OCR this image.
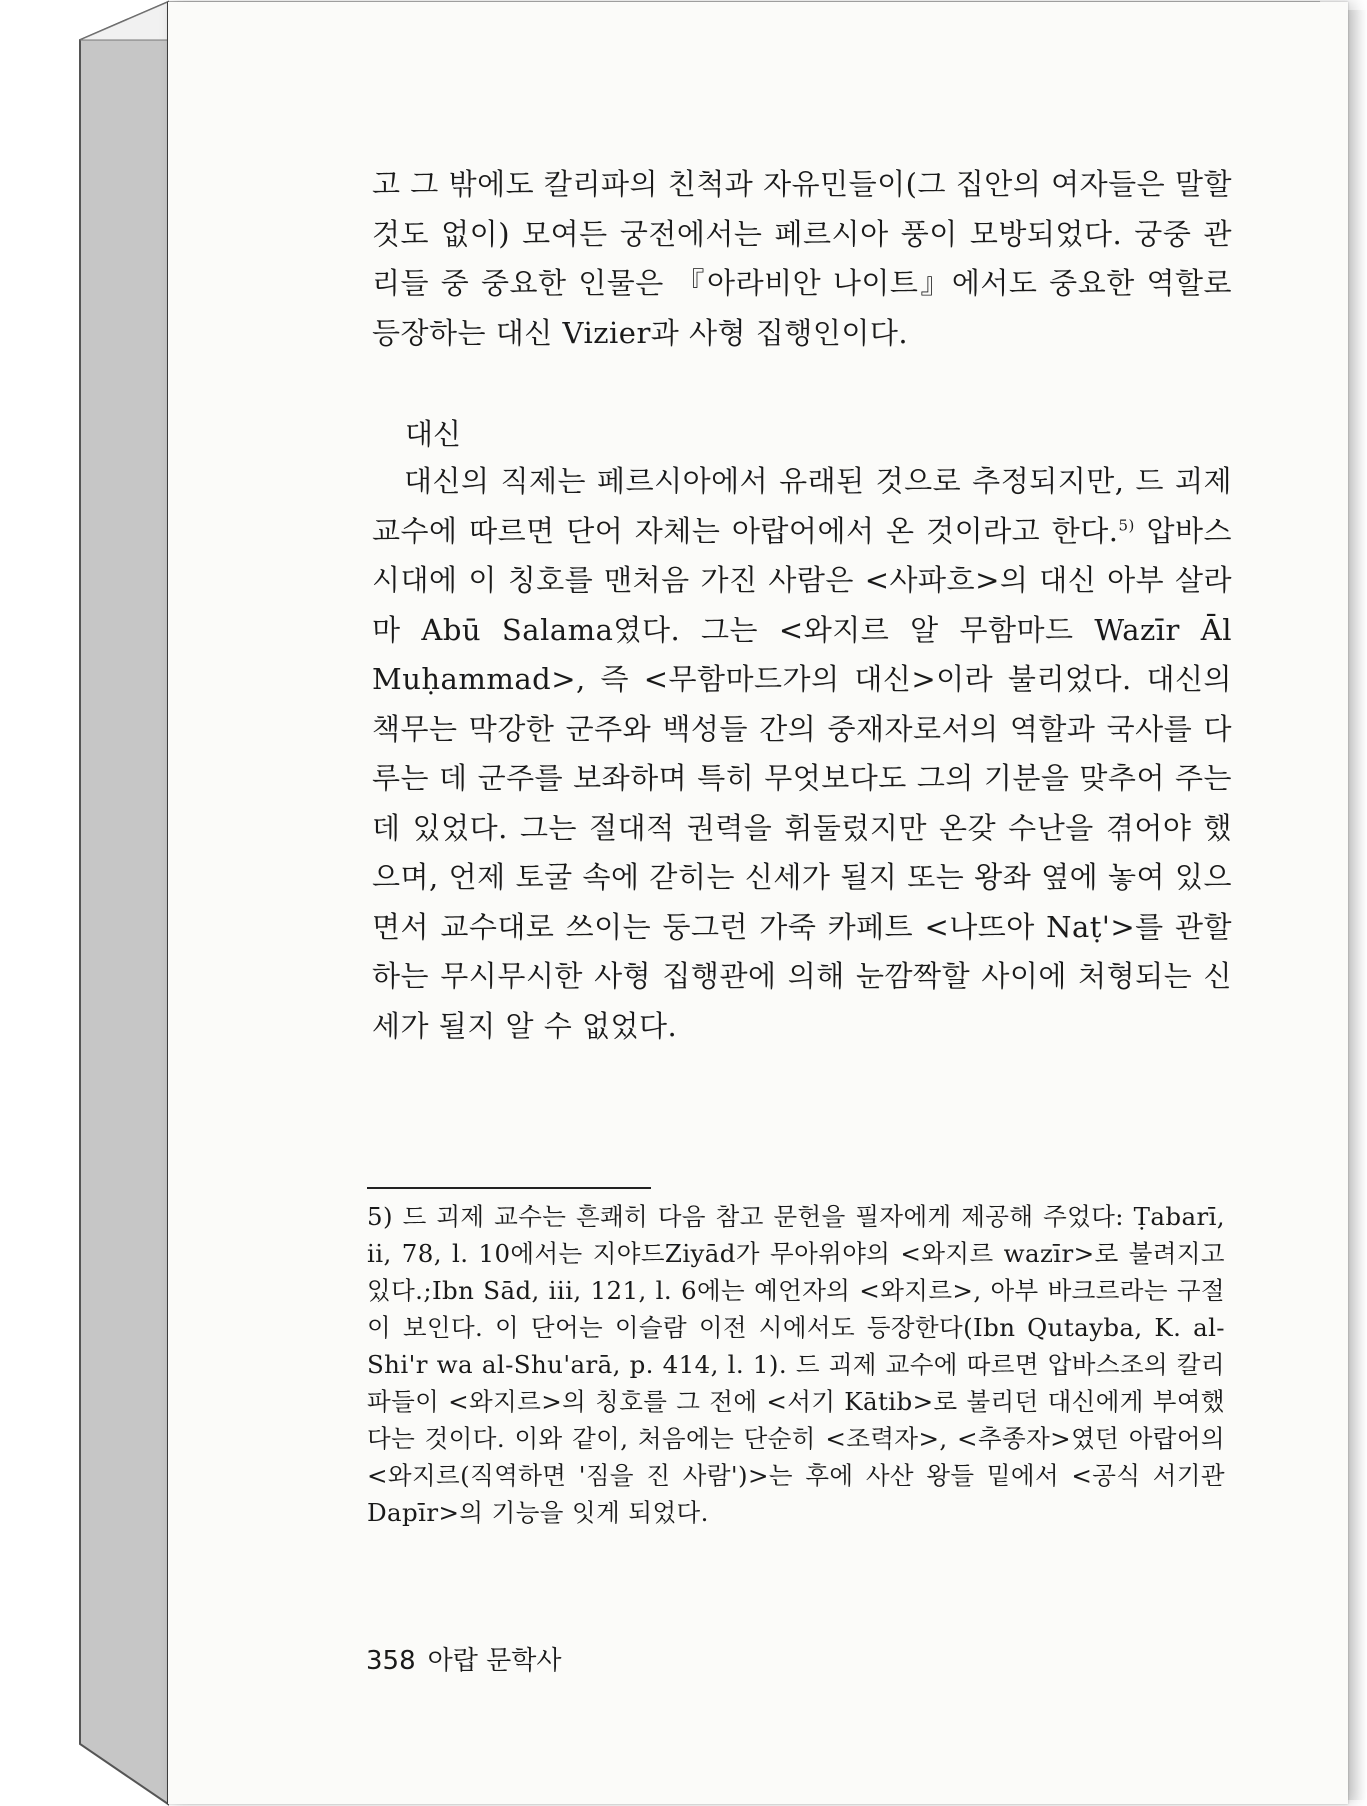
고 그 밖에도 칼리파의 친척과 자유민들이(그 집안의 여자들은 말할 것도 없이) 모여든 궁전에서는 페르시아 풍이 모방되었다. 궁중 관리들 중 중요한 인물은 『아라비안 나이트』에서도 중요한 역할로 등장하는 대신 Vizier과 사형 집행인이다.

대신

대신의 직제는 페르시아에서 유래된 것으로 추정되지만, 드 괴제 교수에 따르면 단어 자체는 아랍어에서 온 것이라고 한다.$^{5)}$ 압바스 시대에 이 칭호를 맨처음 가진 사람은 <사파흐>의 대신 아부 살라마 Abū Salama였다. 그는 <와지르 알 무함마드 Wazīr Āl Muḥammad>, 즉 <무함마드가의 대신>이라 불리었다. 대신의 책무는 막강한 군주와 백성들 간의 중재자로서의 역할과 국사를 다루는 데 군주를 보좌하며 특히 무엇보다도 그의 기분을 맞추어 주는 데 있었다. 그는 절대적 권력을 휘둘렀지만 온갖 수난을 겪어야 했으며, 언제 토굴 속에 갇히는 신세가 될지 또는 왕좌 옆에 놓여 있으면서 교수대로 쓰이는 둥그런 가죽 카페트 <나뜨아 Naṭ'>를 관할하는 무시무시한 사형 집행관에 의해 눈깜짝할 사이에 처형되는 신세가 될지 알 수 없었다.

5) 드 괴제 교수는 흔쾌히 다음 참고 문헌을 필자에게 제공해 주었다: Ṭabarī, ii, 78, l. 10에서는 지야드Ziyād가 무아위야의 <와지르 wazīr>로 불려지고 있다.;Ibn Sād, iii, 121, l. 6에는 예언자의 <와지르>, 아부 바크르라는 구절이 보인다. 이 단어는 이슬람 이전 시에서도 등장한다(Ibn Qutayba, K. al-Shi'r wa al-Shu'arā, p. 414, l. 1). 드 괴제 교수에 따르면 압바스조의 칼리파들이 <와지르>의 칭호를 그 전에 <서기 Kātib>로 불리던 대신에게 부여했다는 것이다. 이와 같이, 처음에는 단순히 <조력자>, <추종자>였던 아랍어의 <와지르(직역하면 '짐을 진 사람')>는 후에 사산 왕들 밑에서 <공식 서기관 Dapīr>의 기능을 잇게 되었다.

358 아랍 문학사
